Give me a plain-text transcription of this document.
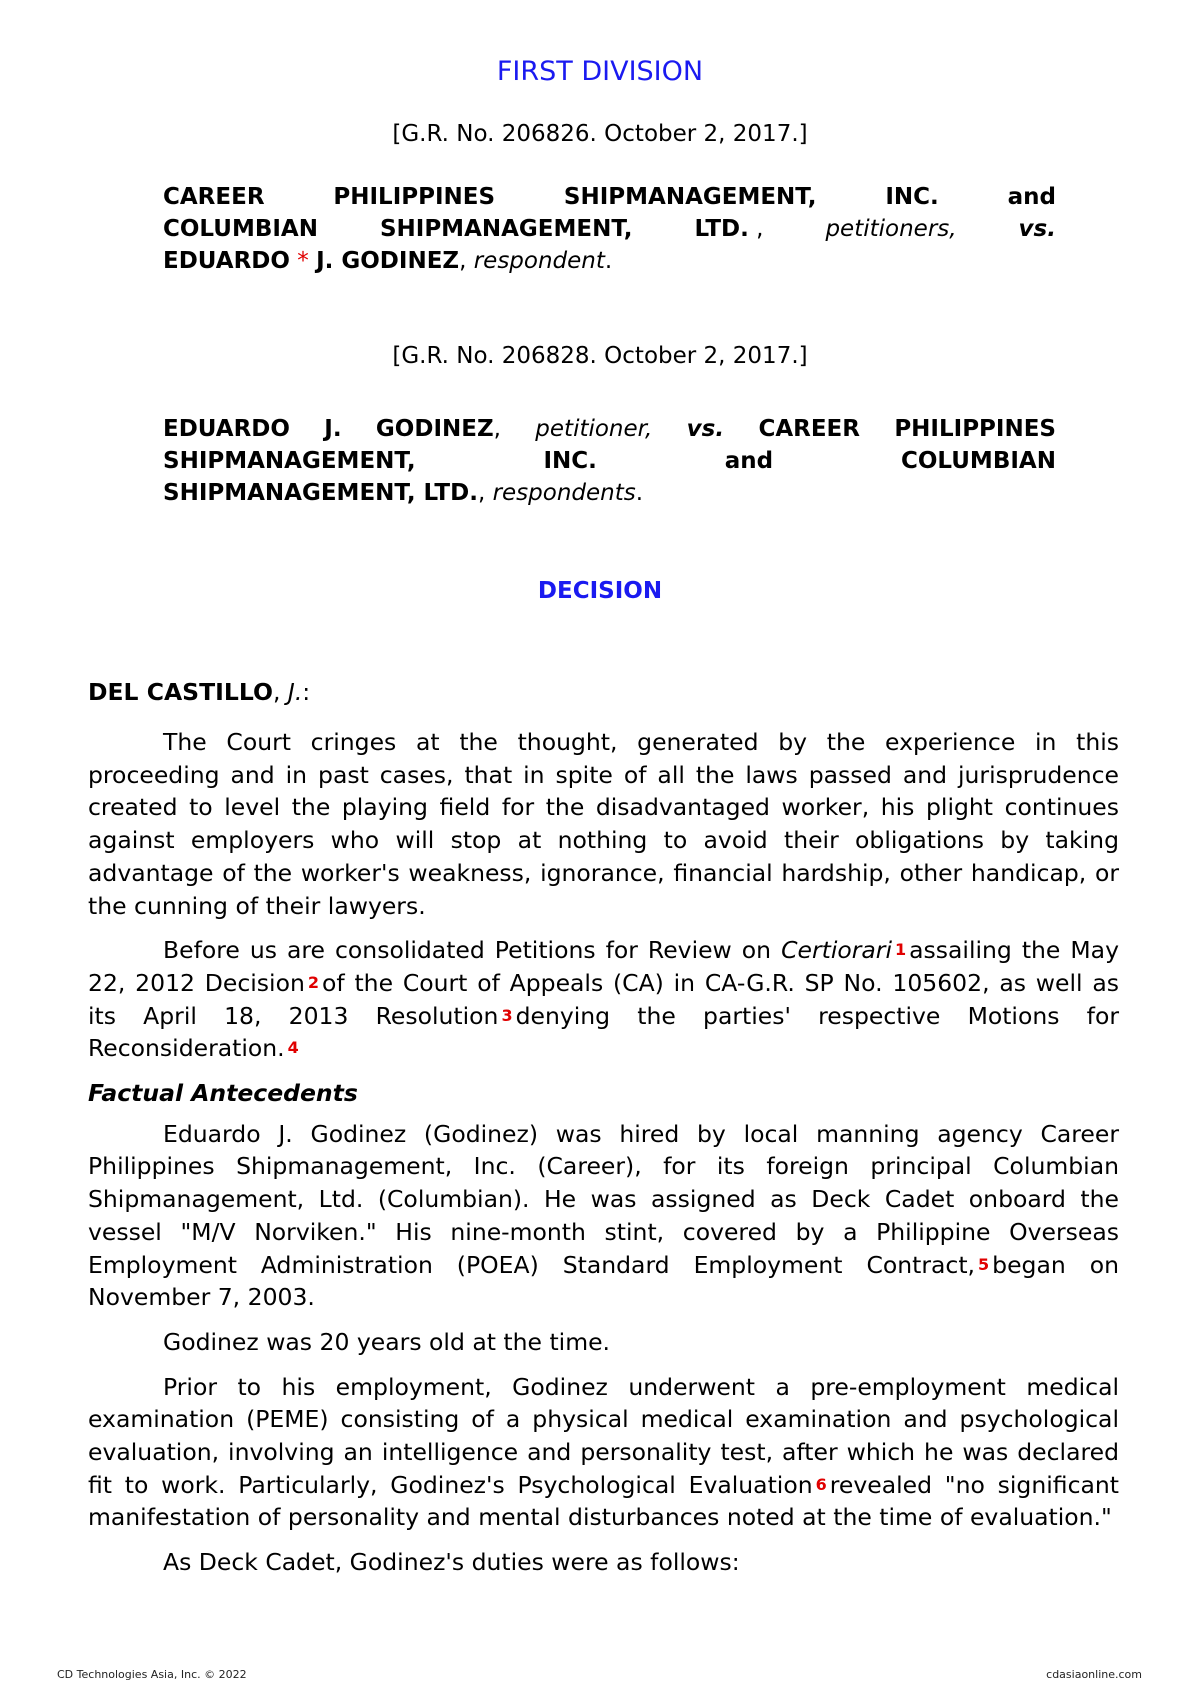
FIRST DIVISION
[G.R. No. 206826. October 2, 2017.]
CAREER	PHILIPPINES	SHIPMANAGEMENT,	INC.	and
COLUMBIAN	SHIPMANAGEMENT,	LTD. ,	petitioners,	vs.
EDUARDO * J. GODINEZ, respondent.
[G.R. No. 206828. October 2, 2017.]
EDUARDO J. GODINEZ, petitioner, vs. CAREER PHILIPPINES
SHIPMANAGEMENT,	INC.	and	COLUMBIAN
SHIPMANAGEMENT, LTD., respondents.
DECISION
DEL CASTILLO, J.:

The Court cringes at the thought, generated by the experience in this proceeding and in past cases, that in spite of all the laws passed and jurisprudence created to level the playing field for the disadvantaged worker, his plight continues against employers who will stop at nothing to avoid their obligations by taking advantage of the worker's weakness, ignorance, financial hardship, other handicap, or the cunning of their lawyers.

Before us are consolidated Petitions for Review on Certiorari 1 assailing the May 22, 2012 Decision 2 of the Court of Appeals (CA) in CA-G.R. SP No. 105602, as well as its April 18, 2013 Resolution 3 denying the parties' respective Motions for Reconsideration. 4

Factual Antecedents

Eduardo J. Godinez (Godinez) was hired by local manning agency Career Philippines Shipmanagement, Inc. (Career), for its foreign principal Columbian Shipmanagement, Ltd. (Columbian). He was assigned as Deck Cadet onboard the vessel "M/V Norviken." His nine-month stint, covered by a Philippine Overseas Employment Administration (POEA) Standard Employment Contract, 5 began on November 7, 2003.

Godinez was 20 years old at the time.

Prior to his employment, Godinez underwent a pre-employment medical examination (PEME) consisting of a physical medical examination and psychological evaluation, involving an intelligence and personality test, after which he was declared fit to work. Particularly, Godinez's Psychological Evaluation 6 revealed "no significant manifestation of personality and mental disturbances noted at the time of evaluation."

As Deck Cadet, Godinez's duties were as follows:

CD Technologies Asia, Inc. © 2022	cdasiaonline.com
